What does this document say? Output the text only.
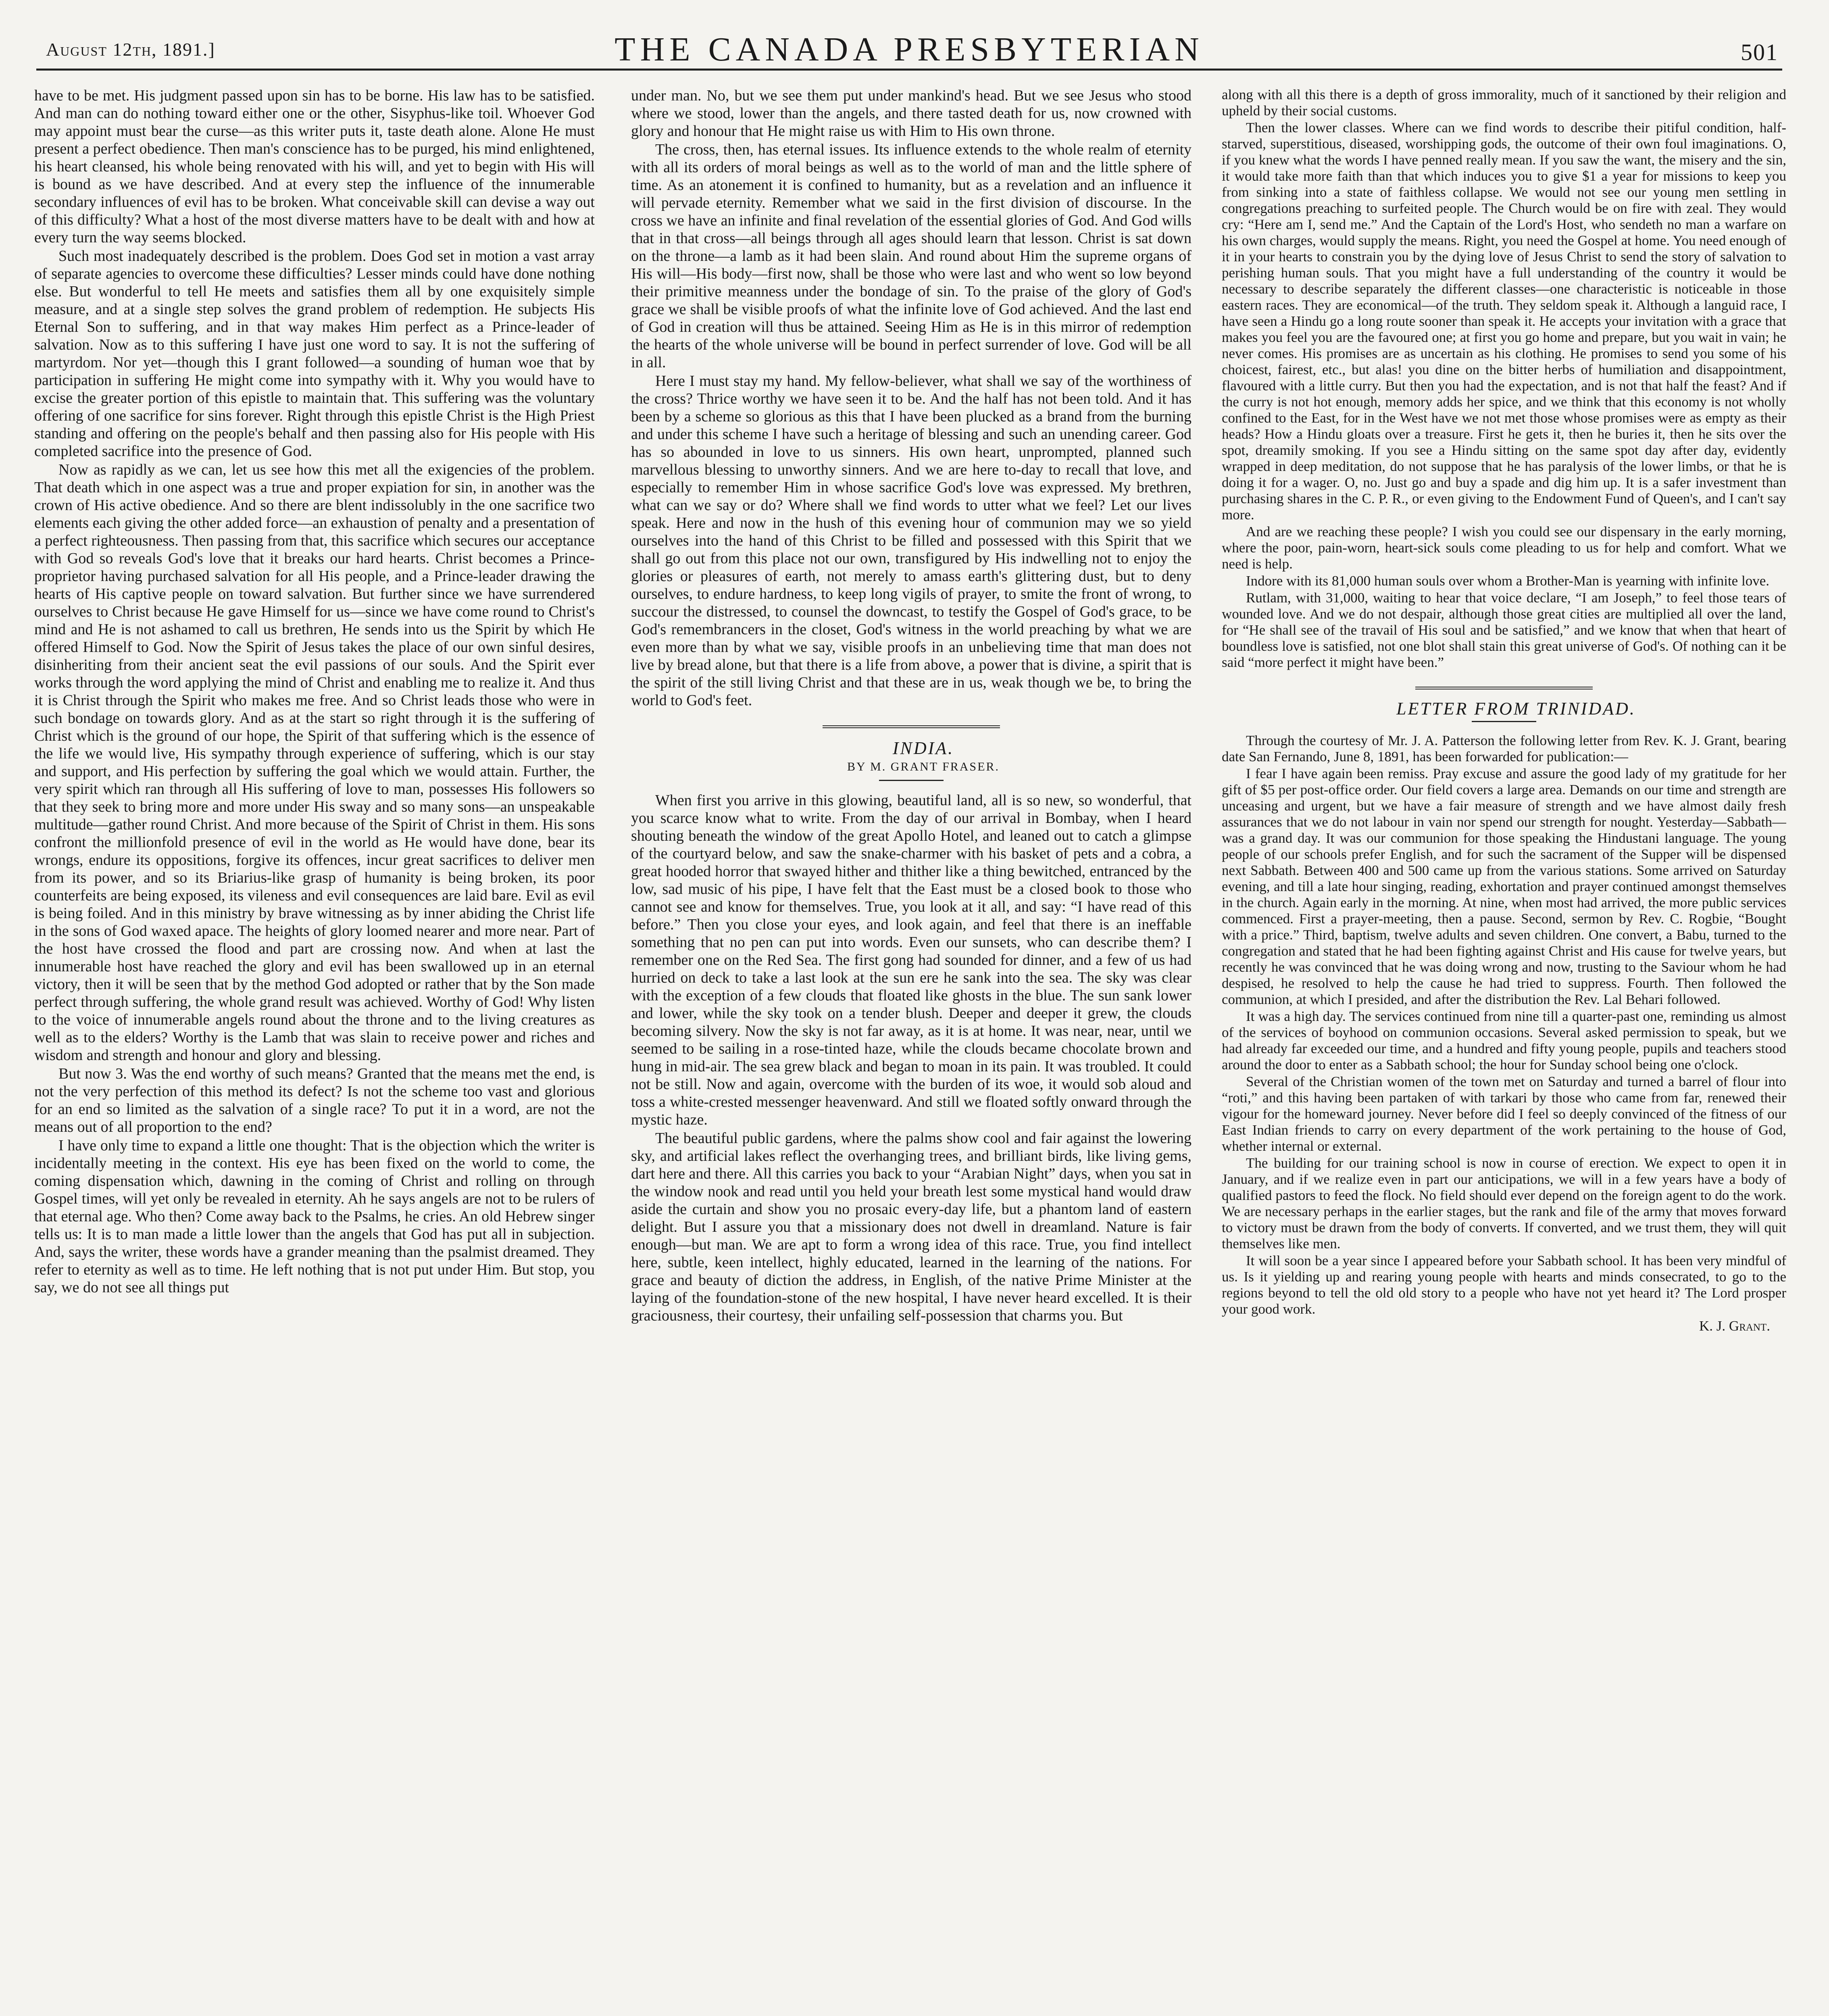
August 12th, 1891.]	THE CANADA PRESBYTERIAN	501

have to be met. His judgment passed upon sin has to be borne. His law has to be satisfied. And man can do nothing toward either one or the other, Sisyphus-like toil. Whoever God may appoint must bear the curse—as this writer puts it, taste death alone. Alone He must present a perfect obedience. Then man's conscience has to be purged, his mind enlightened, his heart cleansed, his whole being renovated with his will, and yet to begin with His will is bound as we have described. And at every step the influence of the innumerable secondary influences of evil has to be broken. What conceivable skill can devise a way out of this difficulty? What a host of the most diverse matters have to be dealt with and how at every turn the way seems blocked.

Such most inadequately described is the problem. Does God set in motion a vast array of separate agencies to overcome these difficulties? Lesser minds could have done nothing else. But wonderful to tell He meets and satisfies them all by one exquisitely simple measure, and at a single step solves the grand problem of redemption. He subjects His Eternal Son to suffering, and in that way makes Him perfect as a Prince-leader of salvation. Now as to this suffering I have just one word to say. It is not the suffering of martyrdom. Nor yet—though this I grant followed—a sounding of human woe that by participation in suffering He might come into sympathy with it. Why you would have to excise the greater portion of this epistle to maintain that. This suffering was the voluntary offering of one sacrifice for sins forever. Right through this epistle Christ is the High Priest standing and offering on the people's behalf and then passing also for His people with His completed sacrifice into the presence of God.

Now as rapidly as we can, let us see how this met all the exigencies of the problem. That death which in one aspect was a true and proper expiation for sin, in another was the crown of His active obedience. And so there are blent indissolubly in the one sacrifice two elements each giving the other added force—an exhaustion of penalty and a presentation of a perfect righteousness. Then passing from that, this sacrifice which secures our acceptance with God so reveals God's love that it breaks our hard hearts. Christ becomes a Prince-proprietor having purchased salvation for all His people, and a Prince-leader drawing the hearts of His captive people on toward salvation. But further since we have surrendered ourselves to Christ because He gave Himself for us—since we have come round to Christ's mind and He is not ashamed to call us brethren, He sends into us the Spirit by which He offered Himself to God. Now the Spirit of Jesus takes the place of our own sinful desires, disinheriting from their ancient seat the evil passions of our souls. And the Spirit ever works through the word applying the mind of Christ and enabling me to realize it. And thus it is Christ through the Spirit who makes me free. And so Christ leads those who were in such bondage on towards glory. And as at the start so right through it is the suffering of Christ which is the ground of our hope, the Spirit of that suffering which is the essence of the life we would live, His sympathy through experience of suffering, which is our stay and support, and His perfection by suffering the goal which we would attain. Further, the very spirit which ran through all His suffering of love to man, possesses His followers so that they seek to bring more and more under His sway and so many sons—an unspeakable multitude—gather round Christ. And more because of the Spirit of Christ in them. His sons confront the millionfold presence of evil in the world as He would have done, bear its wrongs, endure its oppositions, forgive its offences, incur great sacrifices to deliver men from its power, and so its Briarius-like grasp of humanity is being broken, its poor counterfeits are being exposed, its vileness and evil consequences are laid bare. Evil as evil is being foiled. And in this ministry by brave witnessing as by inner abiding the Christ life in the sons of God waxed apace. The heights of glory loomed nearer and more near. Part of the host have crossed the flood and part are crossing now. And when at last the innumerable host have reached the glory and evil has been swallowed up in an eternal victory, then it will be seen that by the method God adopted or rather that by the Son made perfect through suffering, the whole grand result was achieved. Worthy of God! Why listen to the voice of innumerable angels round about the throne and to the living creatures as well as to the elders? Worthy is the Lamb that was slain to receive power and riches and wisdom and strength and honour and glory and blessing.

But now 3. Was the end worthy of such means? Granted that the means met the end, is not the very perfection of this method its defect? Is not the scheme too vast and glorious for an end so limited as the salvation of a single race? To put it in a word, are not the means out of all proportion to the end?

I have only time to expand a little one thought: That is the objection which the writer is incidentally meeting in the context. His eye has been fixed on the world to come, the coming dispensation which, dawning in the coming of Christ and rolling on through Gospel times, will yet only be revealed in eternity. Ah he says angels are not to be rulers of that eternal age. Who then? Come away back to the Psalms, he cries. An old Hebrew singer tells us: It is to man made a little lower than the angels that God has put all in subjection. And, says the writer, these words have a grander meaning than the psalmist dreamed. They refer to eternity as well as to time. He left nothing that is not put under Him. But stop, you say, we do not see all things put

under man. No, but we see them put under mankind's head. But we see Jesus who stood where we stood, lower than the angels, and there tasted death for us, now crowned with glory and honour that He might raise us with Him to His own throne.

The cross, then, has eternal issues. Its influence extends to the whole realm of eternity with all its orders of moral beings as well as to the world of man and the little sphere of time. As an atonement it is confined to humanity, but as a revelation and an influence it will pervade eternity. Remember what we said in the first division of discourse. In the cross we have an infinite and final revelation of the essential glories of God. And God wills that in that cross—all beings through all ages should learn that lesson. Christ is sat down on the throne—a lamb as it had been slain. And round about Him the supreme organs of His will—His body—first now, shall be those who were last and who went so low beyond their primitive meanness under the bondage of sin. To the praise of the glory of God's grace we shall be visible proofs of what the infinite love of God achieved. And the last end of God in creation will thus be attained. Seeing Him as He is in this mirror of redemption the hearts of the whole universe will be bound in perfect surrender of love. God will be all in all.

Here I must stay my hand. My fellow-believer, what shall we say of the worthiness of the cross? Thrice worthy we have seen it to be. And the half has not been told. And it has been by a scheme so glorious as this that I have been plucked as a brand from the burning and under this scheme I have such a heritage of blessing and such an unending career. God has so abounded in love to us sinners. His own heart, unprompted, planned such marvellous blessing to unworthy sinners. And we are here to-day to recall that love, and especially to remember Him in whose sacrifice God's love was expressed. My brethren, what can we say or do? Where shall we find words to utter what we feel? Let our lives speak. Here and now in the hush of this evening hour of communion may we so yield ourselves into the hand of this Christ to be filled and possessed with this Spirit that we shall go out from this place not our own, transfigured by His indwelling not to enjoy the glories or pleasures of earth, not merely to amass earth's glittering dust, but to deny ourselves, to endure hardness, to keep long vigils of prayer, to smite the front of wrong, to succour the distressed, to counsel the downcast, to testify the Gospel of God's grace, to be God's remembrancers in the closet, God's witness in the world preaching by what we are even more than by what we say, visible proofs in an unbelieving time that man does not live by bread alone, but that there is a life from above, a power that is divine, a spirit that is the spirit of the still living Christ and that these are in us, weak though we be, to bring the world to God's feet.

INDIA.

BY M. GRANT FRASER.

When first you arrive in this glowing, beautiful land, all is so new, so wonderful, that you scarce know what to write. From the day of our arrival in Bombay, when I heard shouting beneath the window of the great Apollo Hotel, and leaned out to catch a glimpse of the courtyard below, and saw the snake-charmer with his basket of pets and a cobra, a great hooded horror that swayed hither and thither like a thing bewitched, entranced by the low, sad music of his pipe, I have felt that the East must be a closed book to those who cannot see and know for themselves. True, you look at it all, and say: “I have read of this before.” Then you close your eyes, and look again, and feel that there is an ineffable something that no pen can put into words. Even our sunsets, who can describe them? I remember one on the Red Sea. The first gong had sounded for dinner, and a few of us had hurried on deck to take a last look at the sun ere he sank into the sea. The sky was clear with the exception of a few clouds that floated like ghosts in the blue. The sun sank lower and lower, while the sky took on a tender blush. Deeper and deeper it grew, the clouds becoming silvery. Now the sky is not far away, as it is at home. It was near, near, until we seemed to be sailing in a rose-tinted haze, while the clouds became chocolate brown and hung in mid-air. The sea grew black and began to moan in its pain. It was troubled. It could not be still. Now and again, overcome with the burden of its woe, it would sob aloud and toss a white-crested messenger heavenward. And still we floated softly onward through the mystic haze.

The beautiful public gardens, where the palms show cool and fair against the lowering sky, and artificial lakes reflect the overhanging trees, and brilliant birds, like living gems, dart here and there. All this carries you back to your “Arabian Night” days, when you sat in the window nook and read until you held your breath lest some mystical hand would draw aside the curtain and show you no prosaic every-day life, but a phantom land of eastern delight. But I assure you that a missionary does not dwell in dreamland. Nature is fair enough—but man. We are apt to form a wrong idea of this race. True, you find intellect here, subtle, keen intellect, highly educated, learned in the learning of the nations. For grace and beauty of diction the address, in English, of the native Prime Minister at the laying of the foundation-stone of the new hospital, I have never heard excelled. It is their graciousness, their courtesy, their unfailing self-possession that charms you. But

along with all this there is a depth of gross immorality, much of it sanctioned by their religion and upheld by their social customs.

Then the lower classes. Where can we find words to describe their pitiful condition, half-starved, superstitious, diseased, worshipping gods, the outcome of their own foul imaginations. O, if you knew what the words I have penned really mean. If you saw the want, the misery and the sin, it would take more faith than that which induces you to give $1 a year for missions to keep you from sinking into a state of faithless collapse. We would not see our young men settling in congregations preaching to surfeited people. The Church would be on fire with zeal. They would cry: “Here am I, send me.” And the Captain of the Lord's Host, who sendeth no man a warfare on his own charges, would supply the means. Right, you need the Gospel at home. You need enough of it in your hearts to constrain you by the dying love of Jesus Christ to send the story of salvation to perishing human souls. That you might have a full understanding of the country it would be necessary to describe separately the different classes—one characteristic is noticeable in those eastern races. They are economical—of the truth. They seldom speak it. Although a languid race, I have seen a Hindu go a long route sooner than speak it. He accepts your invitation with a grace that makes you feel you are the favoured one; at first you go home and prepare, but you wait in vain; he never comes. His promises are as uncertain as his clothing. He promises to send you some of his choicest, fairest, etc., but alas! you dine on the bitter herbs of humiliation and disappointment, flavoured with a little curry. But then you had the expectation, and is not that half the feast? And if the curry is not hot enough, memory adds her spice, and we think that this economy is not wholly confined to the East, for in the West have we not met those whose promises were as empty as their heads? How a Hindu gloats over a treasure. First he gets it, then he buries it, then he sits over the spot, dreamily smoking. If you see a Hindu sitting on the same spot day after day, evidently wrapped in deep meditation, do not suppose that he has paralysis of the lower limbs, or that he is doing it for a wager. O, no. Just go and buy a spade and dig him up. It is a safer investment than purchasing shares in the C. P. R., or even giving to the Endowment Fund of Queen's, and I can't say more.

And are we reaching these people? I wish you could see our dispensary in the early morning, where the poor, pain-worn, heart-sick souls come pleading to us for help and comfort. What we need is help.

Indore with its 81,000 human souls over whom a Brother-Man is yearning with infinite love.

Rutlam, with 31,000, waiting to hear that voice declare, “I am Joseph,” to feel those tears of wounded love. And we do not despair, although those great cities are multiplied all over the land, for “He shall see of the travail of His soul and be satisfied,” and we know that when that heart of boundless love is satisfied, not one blot shall stain this great universe of God's. Of nothing can it be said “more perfect it might have been.”

LETTER FROM TRINIDAD.

Through the courtesy of Mr. J. A. Patterson the following letter from Rev. K. J. Grant, bearing date San Fernando, June 8, 1891, has been forwarded for publication:—

I fear I have again been remiss. Pray excuse and assure the good lady of my gratitude for her gift of $5 per post-office order. Our field covers a large area. Demands on our time and strength are unceasing and urgent, but we have a fair measure of strength and we have almost daily fresh assurances that we do not labour in vain nor spend our strength for nought. Yesterday—Sabbath—was a grand day. It was our communion for those speaking the Hindustani language. The young people of our schools prefer English, and for such the sacrament of the Supper will be dispensed next Sabbath. Between 400 and 500 came up from the various stations. Some arrived on Saturday evening, and till a late hour singing, reading, exhortation and prayer continued amongst themselves in the church. Again early in the morning. At nine, when most had arrived, the more public services commenced. First a prayer-meeting, then a pause. Second, sermon by Rev. C. Rogbie, “Bought with a price.” Third, baptism, twelve adults and seven children. One convert, a Babu, turned to the congregation and stated that he had been fighting against Christ and His cause for twelve years, but recently he was convinced that he was doing wrong and now, trusting to the Saviour whom he had despised, he resolved to help the cause he had tried to suppress. Fourth. Then followed the communion, at which I presided, and after the distribution the Rev. Lal Behari followed.

It was a high day. The services continued from nine till a quarter-past one, reminding us almost of the services of boyhood on communion occasions. Several asked permission to speak, but we had already far exceeded our time, and a hundred and fifty young people, pupils and teachers stood around the door to enter as a Sabbath school; the hour for Sunday school being one o'clock.

Several of the Christian women of the town met on Saturday and turned a barrel of flour into “roti,” and this having been partaken of with tarkari by those who came from far, renewed their vigour for the homeward journey. Never before did I feel so deeply convinced of the fitness of our East Indian friends to carry on every department of the work pertaining to the house of God, whether internal or external.

The building for our training school is now in course of erection. We expect to open it in January, and if we realize even in part our anticipations, we will in a few years have a body of qualified pastors to feed the flock. No field should ever depend on the foreign agent to do the work. We are necessary perhaps in the earlier stages, but the rank and file of the army that moves forward to victory must be drawn from the body of converts. If converted, and we trust them, they will quit themselves like men.

It will soon be a year since I appeared before your Sabbath school. It has been very mindful of us. Is it yielding up and rearing young people with hearts and minds consecrated, to go to the regions beyond to tell the old old story to a people who have not yet heard it? The Lord prosper your good work.

K. J. Grant.
